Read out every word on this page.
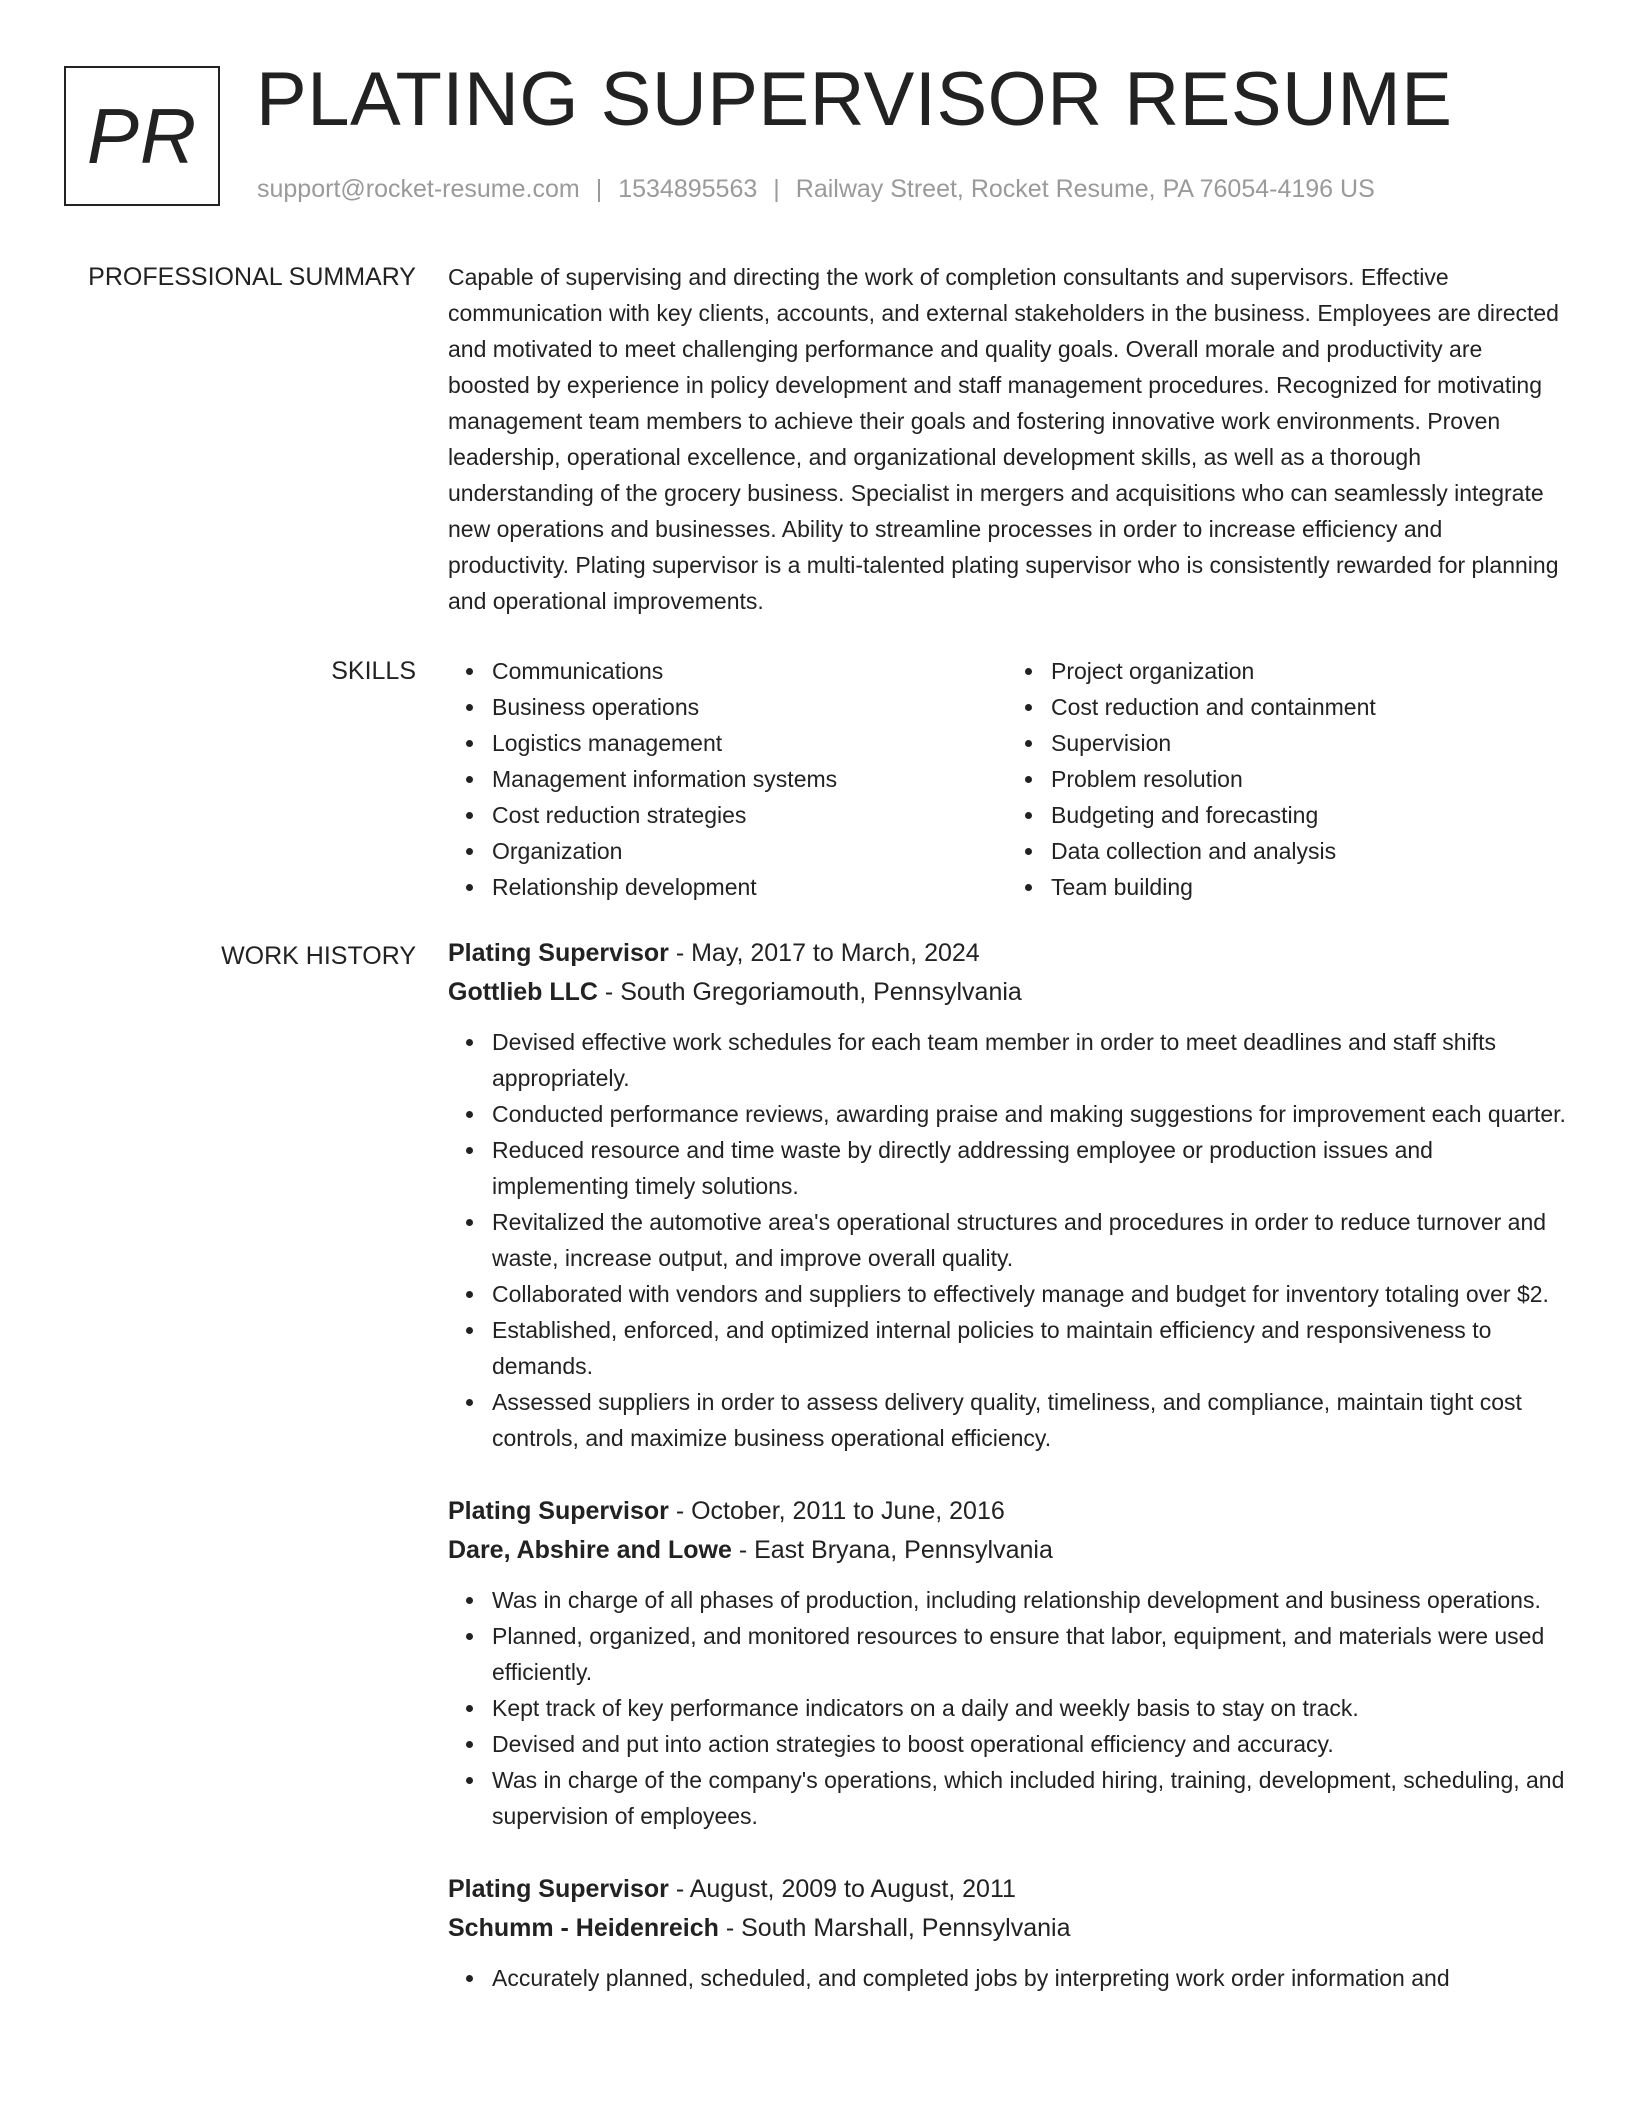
PR PLATING SUPERVISOR RESUME
support@rocket-resume.com | 1534895563 | Railway Street, Rocket Resume, PA 76054-4196 US
PROFESSIONAL SUMMARY Capable of supervising and directing the work of completion consultants and supervisors. Effective communication with key clients, accounts, and external stakeholders in the business. Employees are directed and motivated to meet challenging performance and quality goals. Overall morale and productivity are boosted by experience in policy development and staff management procedures. Recognized for motivating management team members to achieve their goals and fostering innovative work environments. Proven leadership, operational excellence, and organizational development skills, as well as a thorough understanding of the grocery business. Specialist in mergers and acquisitions who can seamlessly integrate new operations and businesses. Ability to streamline processes in order to increase efficiency and productivity. Plating supervisor is a multi-talented plating supervisor who is consistently rewarded for planning and operational improvements.

SKILLS	Communications
Business operations
Logistics management
Management information systems
Cost reduction strategies
Organization
Relationship development
Project organization
Cost reduction and containment
Supervision
Problem resolution
Budgeting and forecasting
Data collection and analysis
Team building
WORK HISTORY Plating Supervisor - May, 2017 to March, 2024
Gottlieb LLC - South Gregoriamouth, Pennsylvania
Devised effective work schedules for each team member in order to meet deadlines and staff shifts appropriately.
Conducted performance reviews, awarding praise and making suggestions for improvement each quarter.
Reduced resource and time waste by directly addressing employee or production issues and implementing timely solutions.
Revitalized the automotive area's operational structures and procedures in order to reduce turnover and waste, increase output, and improve overall quality.
Collaborated with vendors and suppliers to effectively manage and budget for inventory totaling over $2.
Established, enforced, and optimized internal policies to maintain efficiency and responsiveness to demands.
Assessed suppliers in order to assess delivery quality, timeliness, and compliance, maintain tight cost controls, and maximize business operational efficiency.
Plating Supervisor - October, 2011 to June, 2016
Dare, Abshire and Lowe - East Bryana, Pennsylvania
Was in charge of all phases of production, including relationship development and business operations.
Planned, organized, and monitored resources to ensure that labor, equipment, and materials were used efficiently.
Kept track of key performance indicators on a daily and weekly basis to stay on track.
Devised and put into action strategies to boost operational efficiency and accuracy.
Was in charge of the company's operations, which included hiring, training, development, scheduling, and supervision of employees.
Plating Supervisor - August, 2009 to August, 2011
Schumm - Heidenreich - South Marshall, Pennsylvania
Accurately planned, scheduled, and completed jobs by interpreting work order information and
